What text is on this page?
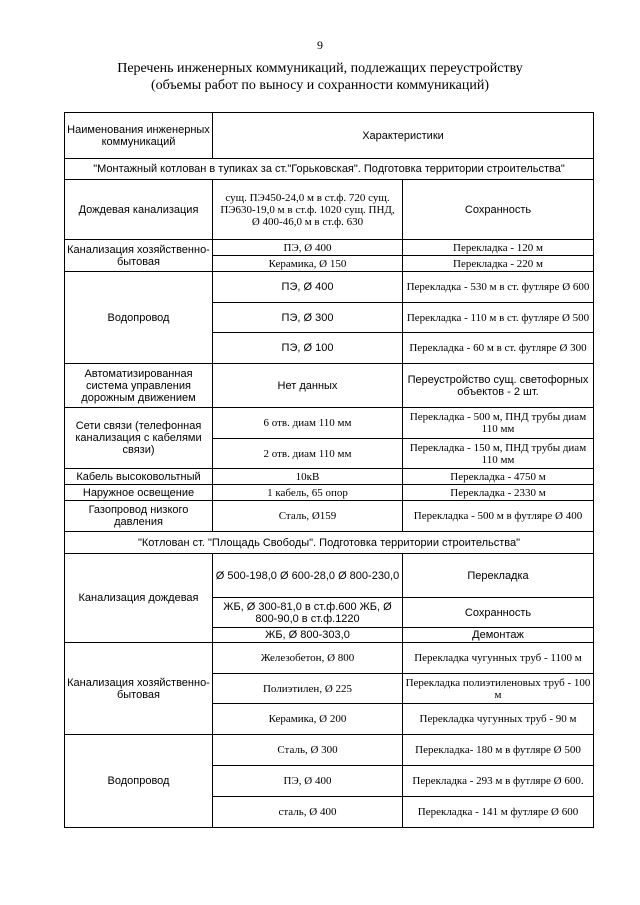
9
Перечень инженерных коммуникаций, подлежащих переустройству
(объемы работ по выносу и сохранности коммуникаций)
Наименования инженерных коммуникаций	Характеристики	
"Монтажный котлован в тупиках за ст."Горьковская". Подготовка территории строительства"		
Дождевая канализация	сущ. ПЭ450-24,0 м в ст.ф. 720 сущ. ПЭ630-19,0 м в ст.ф. 1020 сущ. ПНД, Ø 400-46,0 м в ст.ф. 630	Сохранность
Канализация хозяйственно-бытовая	ПЭ, Ø 400	Перекладка - 120 м
	Керамика, Ø 150	Перекладка - 220 м
Водопровод	ПЭ, Ø 400	Перекладка - 530 м в ст. футляре Ø 600
	ПЭ, Ø 300	Перекладка - 110 м в ст. футляре Ø 500
	ПЭ, Ø 100	Перекладка - 60 м в ст. футляре Ø 300
Автоматизированная система управления дорожным движением	Нет данных	Переустройство сущ. светофорных объектов - 2 шт.
Сети связи (телефонная канализация с кабелями связи)	6 отв. диам 110 мм	Перекладка - 500 м, ПНД трубы диам 110 мм
	2 отв. диам 110 мм	Перекладка - 150 м, ПНД трубы диам 110 мм
Кабель высоковольтный	10кВ	Перекладка - 4750 м
Наружное освещение	1 кабель, 65 опор	Перекладка - 2330 м
Газопровод низкого давления	Сталь, Ø159	Перекладка - 500 м в футляре Ø 400
"Котлован ст. "Площадь Свободы". Подготовка территории строительства"		
Канализация дождевая	Ø 500-198,0 Ø 600-28,0 Ø 800-230,0	Перекладка
	ЖБ, Ø 300-81,0 в ст.ф.600 ЖБ, Ø 800-90,0 в ст.ф.1220	Сохранность
	ЖБ, Ø 800-303,0	Демонтаж
Канализация хозяйственно-бытовая	Железобетон, Ø 800	Перекладка чугунных труб - 1100 м
	Полиэтилен, Ø 225	Перекладка полиэтиленовых труб - 100 м
	Керамика, Ø 200	Перекладка чугунных труб - 90 м
Водопровод	Сталь, Ø 300	Перекладка- 180 м в футляре Ø 500
	ПЭ, Ø 400	Перекладка - 293 м в футляре Ø 600.
	сталь, Ø 400	Перекладка - 141 м футляре Ø 600
